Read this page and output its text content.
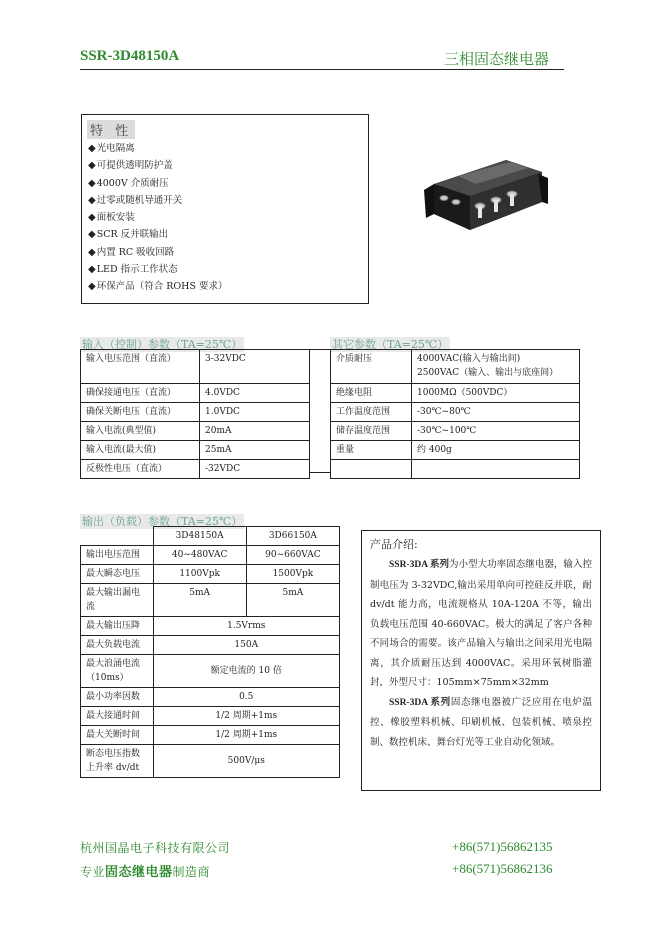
SSR-3D48150A	三相固态继电器
特 性
◆ 光电隔离
◆ 可提供透明防护盖
◆ 4000V 介质耐压
◆ 过零或随机导通开关
◆ 面板安装
◆ SCR 反并联输出
◆ 内置 RC 吸收回路
◆ LED 指示工作状态
◆ 环保产品（符合 ROHS 要求）
输入（控制）参数（TA=25℃）
输入电压范围（直流）	3-32VDC
确保接通电压（直流）	4.0VDC
确保关断电压（直流）	1.0VDC
输入电流(典型值)	20mA
输入电流(最大值)	25mA
反极性电压（直流）	-32VDC
其它参数（TA=25℃）
介质耐压	4000VAC(输入与输出间)
2500VAC（输入、输出与底座间）

绝缘电阻	1000MΩ（500VDC）
工作温度范围	-30℃~80℃
储存温度范围	-30℃~100℃
重量	约 400g

输出（负载）参数（TA=25℃）
	3D48150A	3D66150A
输出电压范围	40~480VAC	90~660VAC
最大瞬态电压	1100Vpk	1500Vpk
最大输出漏电流	5mA	5mA
最大输出压降	1.5Vrms	
最大负载电流	150A	
最大浪涌电流（10ms）	额定电流的 10 倍	
最小功率因数	0.5	
最大接通时间	1/2 周期+1ms	
最大关断时间	1/2 周期+1ms	
断态电压指数上升率 dv/dt	500V/μs	
产品介绍:

SSR-3DA 系列为小型大功率固态继电器，输入控制电压为 3-32VDC,输出采用单向可控硅反并联，耐 dv/dt 能力高，电流规格从 10A-120A 不等，输出负载电压范围 40-660VAC。极大的满足了客户各种不同场合的需要。该产品输入与输出之间采用光电隔离，其介质耐压达到 4000VAC。采用环氧树脂灌封，外型尺寸：105mm×75mm×32mm

SSR-3DA 系列固态继电器被广泛应用在电炉温控、橡胶塑料机械、印刷机械、包装机械、喷泉控制、数控机床、舞台灯光等工业自动化领域。

杭州国晶电子科技有限公司
专业固态继电器制造商
+86(571)56862135
+86(571)56862136
